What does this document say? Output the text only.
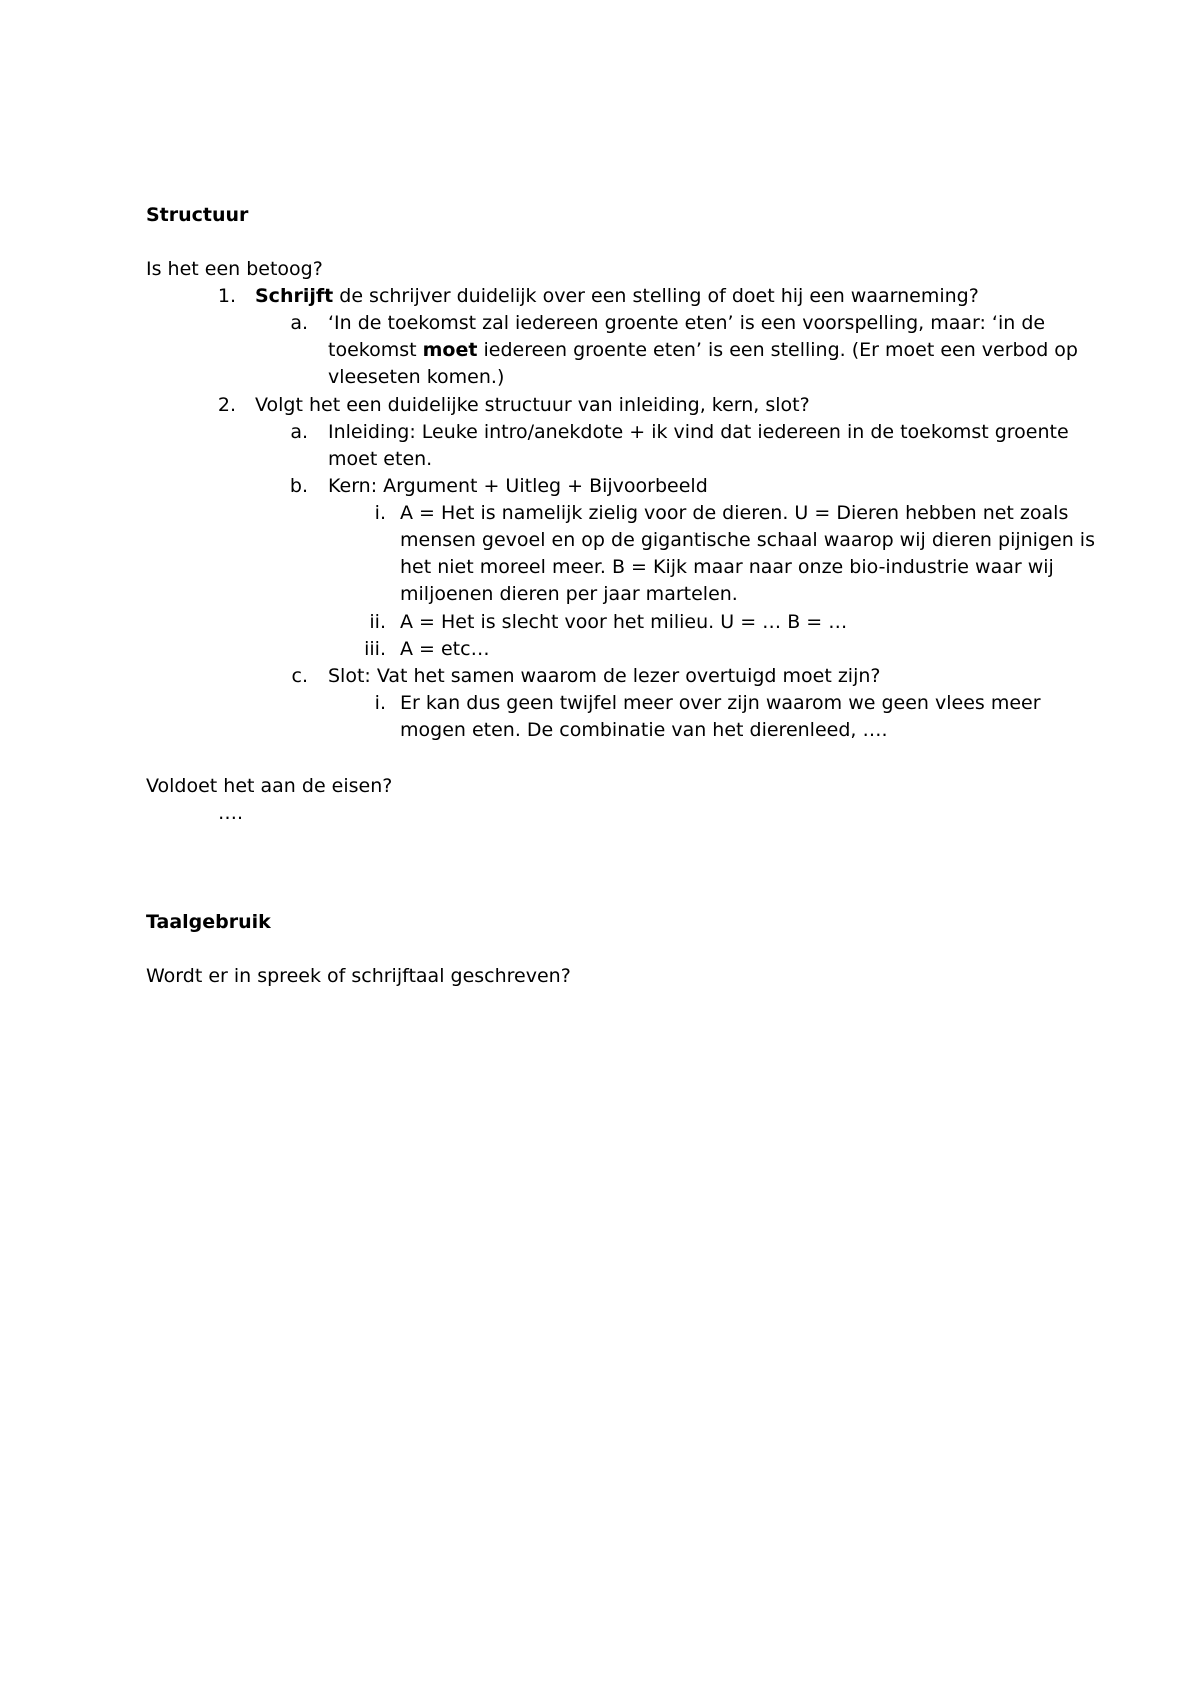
Structuur
Is het een betoog?
1. Schrijft de schrijver duidelijk over een stelling of doet hij een waarneming?
a. ‘In de toekomst zal iedereen groente eten’ is een voorspelling, maar: ‘in de
toekomst moet iedereen groente eten’ is een stelling. (Er moet een verbod op
vleeseten komen.)
2. Volgt het een duidelijke structuur van inleiding, kern, slot?
a. Inleiding: Leuke intro/anekdote + ik vind dat iedereen in de toekomst groente
moet eten.
b. Kern: Argument + Uitleg + Bijvoorbeeld
i. A = Het is namelijk zielig voor de dieren. U = Dieren hebben net zoals
mensen gevoel en op de gigantische schaal waarop wij dieren pijnigen is
het niet moreel meer. B = Kijk maar naar onze bio-industrie waar wij
miljoenen dieren per jaar martelen.
ii. A = Het is slecht voor het milieu. U = … B = …
iii. A = etc…
c. Slot: Vat het samen waarom de lezer overtuigd moet zijn?
i. Er kan dus geen twijfel meer over zijn waarom we geen vlees meer
mogen eten. De combinatie van het dierenleed, ….
Voldoet het aan de eisen?
….
Taalgebruik
Wordt er in spreek of schrijftaal geschreven?
